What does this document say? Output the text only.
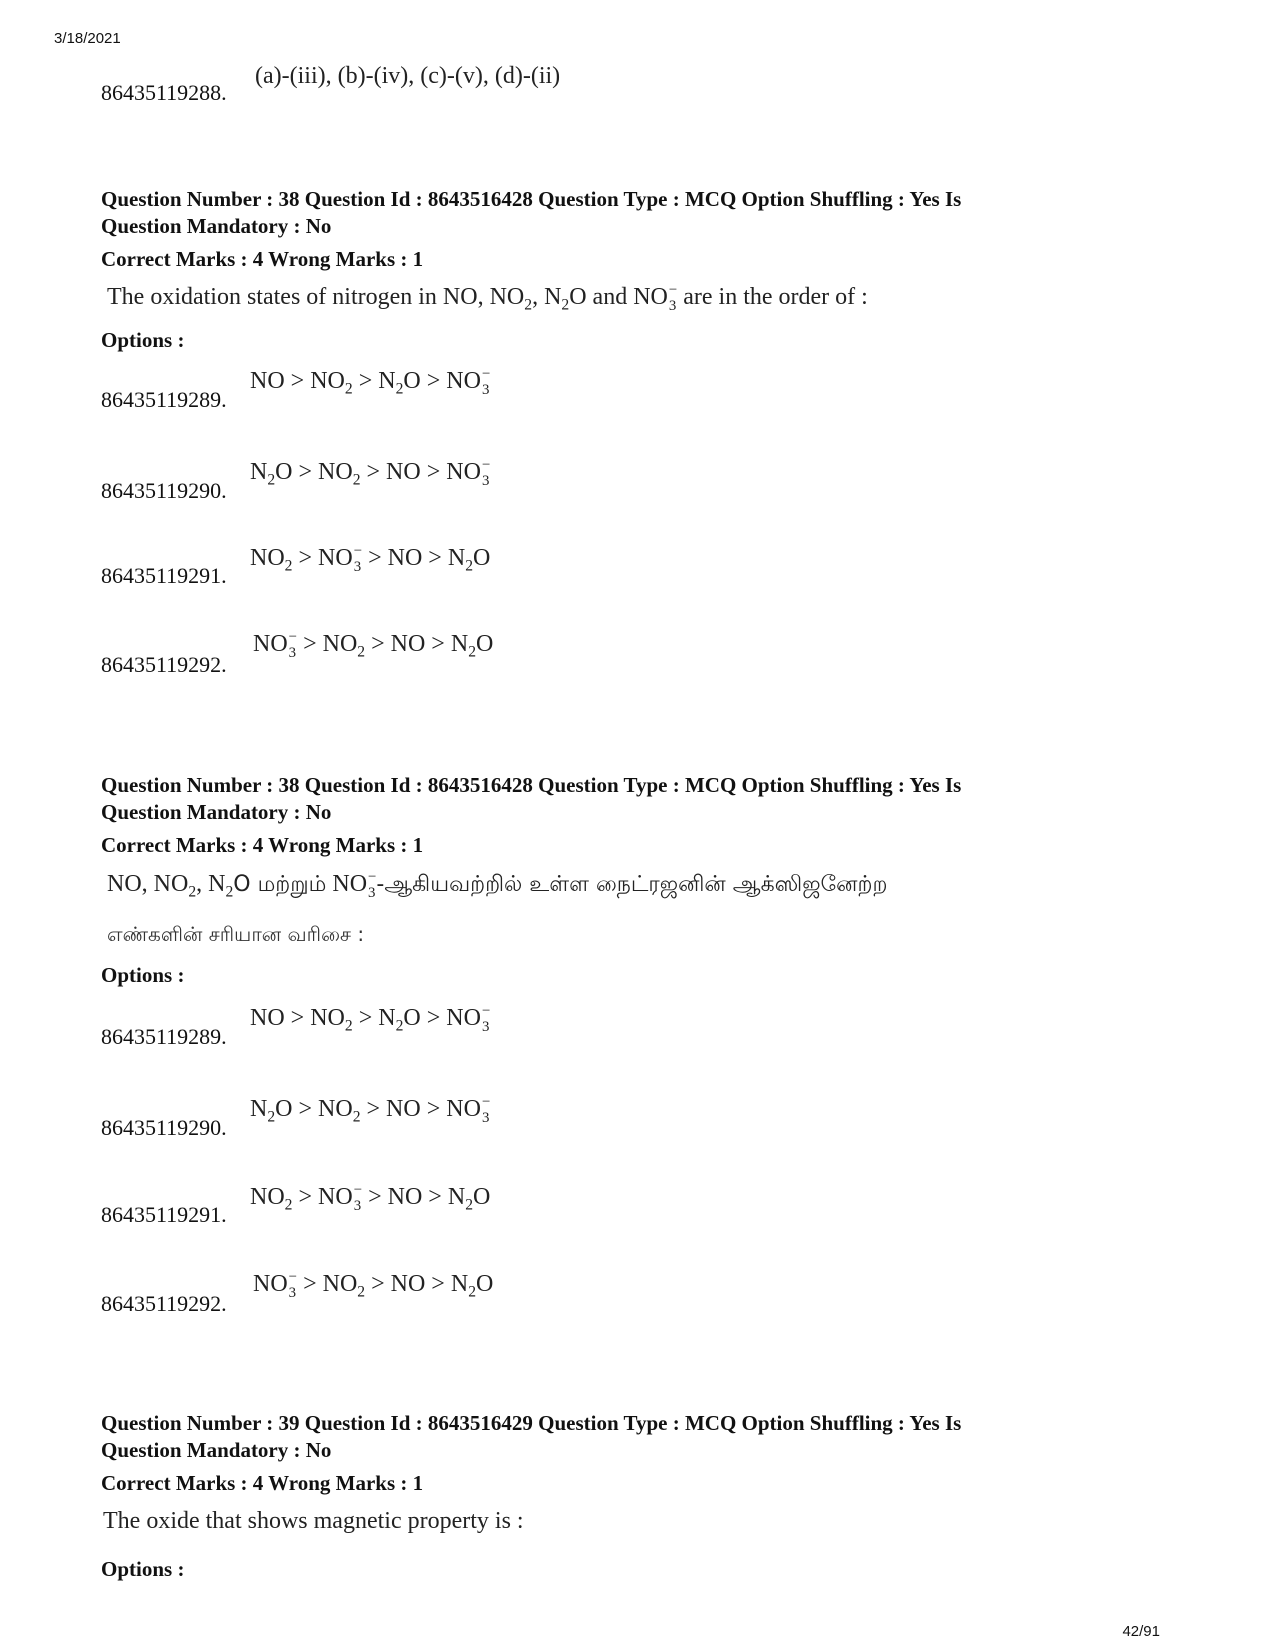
3/18/2021
86435119288.
(a)-(iii), (b)-(iv), (c)-(v), (d)-(ii)
Question Number : 38 Question Id : 8643516428 Question Type : MCQ Option Shuffling : Yes Is
Question Mandatory : No
Correct Marks : 4 Wrong Marks : 1
The oxidation states of nitrogen in NO, $NO_2$, $N_2O$ and NO −
3 are in the order of :
Options :
86435119289.
NO > $NO_2 > N_2O$ > NO −
3
86435119290.
$N_2O > NO_2$ > NO > NO −
3
86435119291.
$NO_2$ > NO −
3 > NO > $N_2O$
86435119292.
NO −
$3 > NO_2$ > NO > $N_2O$
Question Number : 38 Question Id : 8643516428 Question Type : MCQ Option Shuffling : Yes Is
Question Mandatory : No
Correct Marks : 4 Wrong Marks : 1
NO, $NO_2$, $N_2O$ மற்றும் NO −
3 -ஆகியவற்றில் உள்ள நைட்ரஜனின் ஆக்ஸிஜனேற்ற
எண்களின் சரியான வரிசை :
Options :
86435119289.
NO > $NO_2 > N_2O$ > NO −
3
86435119290.
$N_2O > NO_2$ > NO > NO −
3
86435119291.
$NO_2$ > NO −
3 > NO > $N_2O$
86435119292.
NO −
$3 > NO_2$ > NO > $N_2O$
Question Number : 39 Question Id : 8643516429 Question Type : MCQ Option Shuffling : Yes Is
Question Mandatory : No
Correct Marks : 4 Wrong Marks : 1
The oxide that shows magnetic property is :
Options :
42/91
